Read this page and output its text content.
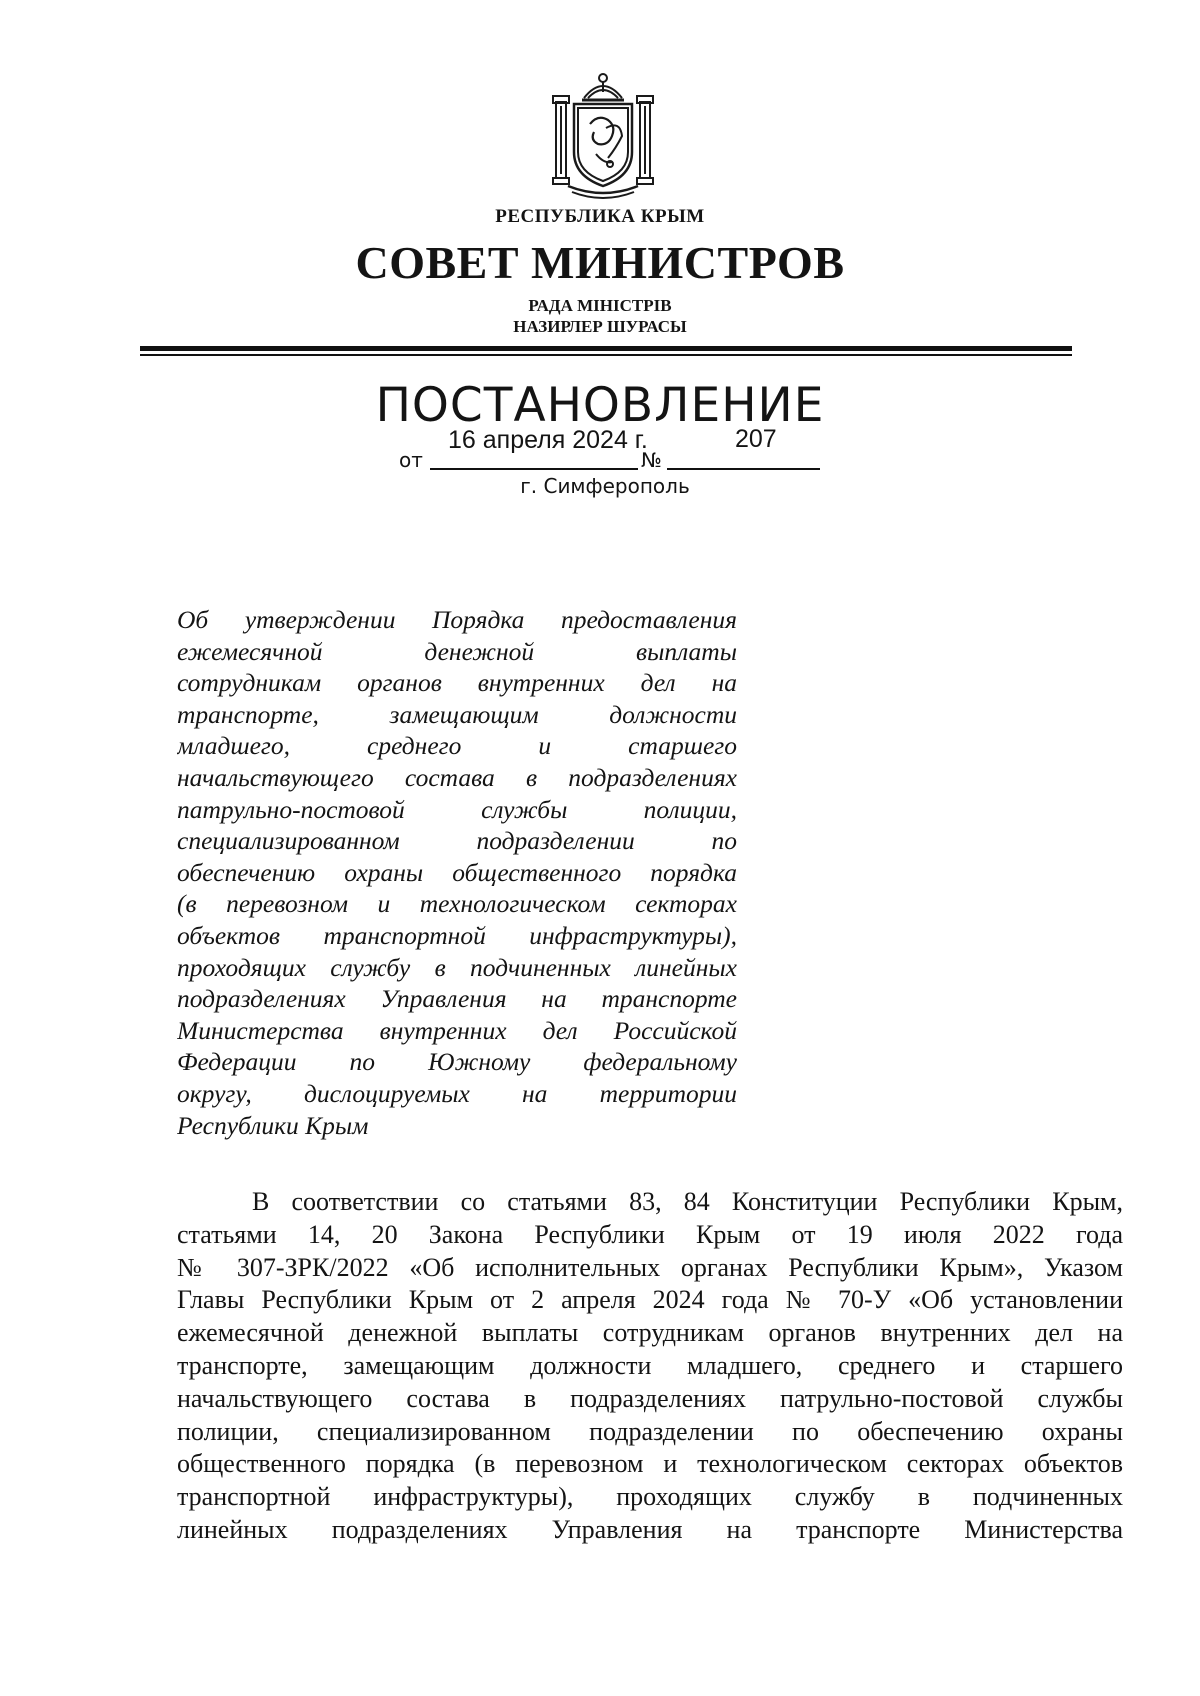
РЕСПУБЛИКА КРЫМ
СОВЕТ МИНИСТРОВ
РАДА МІНІСТРІВ
НАЗИРЛЕР ШУРАСЫ
ПОСТАНОВЛЕНИЕ
16 апреля 2024 г.	207
от	№
г. Симферополь
Об утверждении Порядка предоставления
ежемесячной денежной выплаты
сотрудникам органов внутренних дел на
транспорте, замещающим должности
младшего, среднего и старшего
начальствующего состава в подразделениях
патрульно-постовой службы полиции,
специализированном подразделении по
обеспечению охраны общественного порядка
(в перевозном и технологическом секторах
объектов транспортной инфраструктуры),
проходящих службу в подчиненных линейных
подразделениях Управления на транспорте
Министерства внутренних дел Российской
Федерации по Южному федеральному
округу, дислоцируемых на территории
Республики Крым
В соответствии со статьями 83, 84 Конституции Республики Крым,
статьями 14, 20 Закона Республики Крым от 19 июля 2022 года
№ 307-ЗРК/2022 «Об исполнительных органах Республики Крым», Указом
Главы Республики Крым от 2 апреля 2024 года № 70-У «Об установлении
ежемесячной денежной выплаты сотрудникам органов внутренних дел на
транспорте, замещающим должности младшего, среднего и старшего
начальствующего состава в подразделениях патрульно-постовой службы
полиции, специализированном подразделении по обеспечению охраны
общественного порядка (в перевозном и технологическом секторах объектов
транспортной инфраструктуры), проходящих службу в подчиненных
линейных подразделениях Управления на транспорте Министерства
